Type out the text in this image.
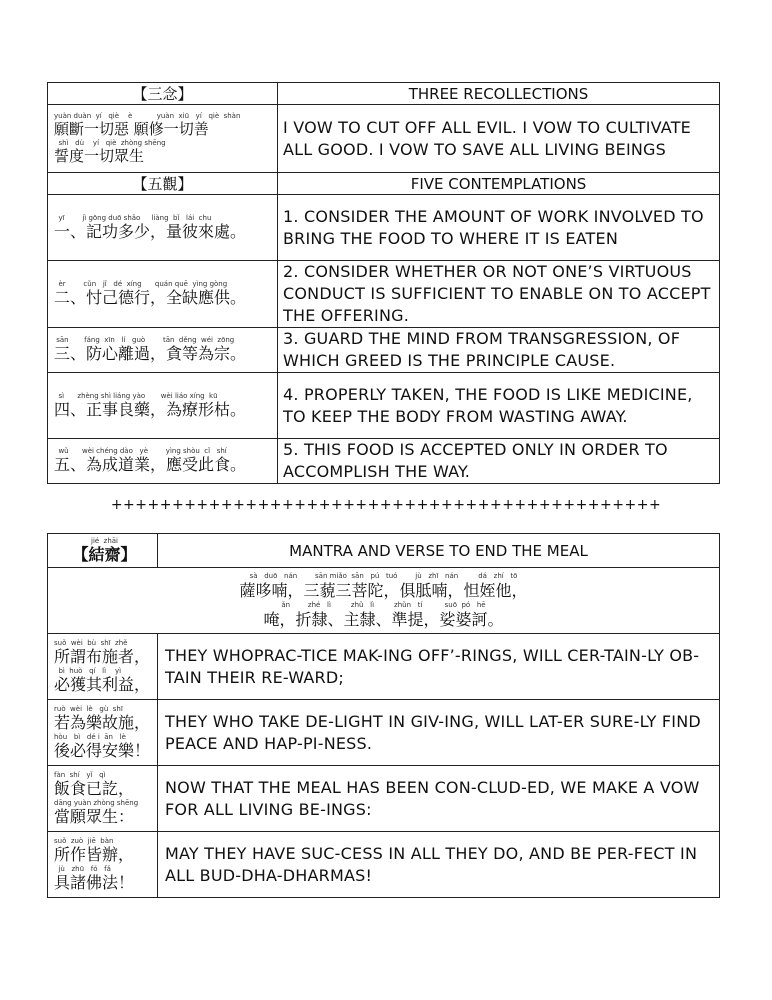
【三念】	THREE RECOLLECTIONS

yuàn duàn  yí   qiè    è           yuàn  xiū   yí   qiè  shàn
願斷一切惡 願修一切善
shì   dù    yí   qiè  zhòng shēng
誓度一切眾生	I VOW TO CUT OFF ALL EVIL. I VOW TO CULTIVATE ALL GOOD. I VOW TO SAVE ALL LIVING BEINGS
【五觀】	FIVE CONTEMPLATIONS

yī        jì gōng duō shǎo     liàng  bǐ   lái  chu
一、記功多少，量彼來處。	1. CONSIDER THE AMOUNT OF WORK INVOLVED TO BRING THE FOOD TO WHERE IT IS EATEN

èr        cǔn   jǐ   dé  xíng      quán quē  yìng gòng
二、忖己德行，全缺應供。	2. CONSIDER WHETHER OR NOT ONE’S VIRTUOUS CONDUCT IS SUFFICIENT TO ENABLE ON TO ACCEPT THE OFFERING.

sān       fáng  xīn   lí   guò        tān  děng  wéi  zōng
三、防心離過，貪等為宗。	3. GUARD THE MIND FROM TRANSGRESSION, OF WHICH GREED IS THE PRINCIPLE CAUSE.

sì      zhèng shì liáng yào       wèi liáo xíng  kū
四、正事良藥，為療形枯。	4. PROPERLY TAKEN, THE FOOD IS LIKE MEDICINE, TO KEEP THE BODY FROM WASTING AWAY.

wǔ      wèi chéng dào   yè        yìng shòu  cǐ   shí
五、為成道業，應受此食。	5. THIS FOOD IS ACCEPTED ONLY IN ORDER TO ACCOMPLISH THE WAY.
+++++++++++++++++++++++++++++++++++++++++++++
jié  zhāi
【結齋】	MANTRA AND VERSE TO END THE MEAL

sà   duō   nán        sān miǎo  sān   pú   tuó        jù   zhī   nán         dá   zhí   tō
薩哆喃，三藐三菩陀，俱胝喃，怛姪他，
ǎn        zhé   lì         zhǔ   lì         zhǔn   tí          suō  pó   hē
唵，折隸、主隸、準提，娑婆訶。	

suǒ  wèi  bù  shī  zhě
所謂布施者，
bì  huò   qí   lì    yì
必獲其利益，	THEY WHOPRAC-TICE MAK-ING OFF’-RINGS, WILL CER-TAIN-LY OB-TAIN THEIR RE-WARD;

ruò  wèi  lè   gù  shī
若為樂故施，
hòu   bì   dé i  ān   lè
後必得安樂！	THEY WHO TAKE DE-LIGHT IN GIV-ING, WILL LAT-ER SURE-LY FIND PEACE AND HAP-PI-NESS.

fàn  shí   yǐ   qì
飯食已訖，
dāng yuàn zhòng shēng
當願眾生：	NOW THAT THE MEAL HAS BEEN CON-CLUD-ED, WE MAKE A VOW FOR ALL LIVING BE-INGS:

suǒ  zuò  jiē  bàn
所作皆辦，
jù   zhū   fó   fǎ
具諸佛法！	MAY THEY HAVE SUC-CESS IN ALL THEY DO, AND BE PER-FECT IN ALL BUD-DHA-DHARMAS!
